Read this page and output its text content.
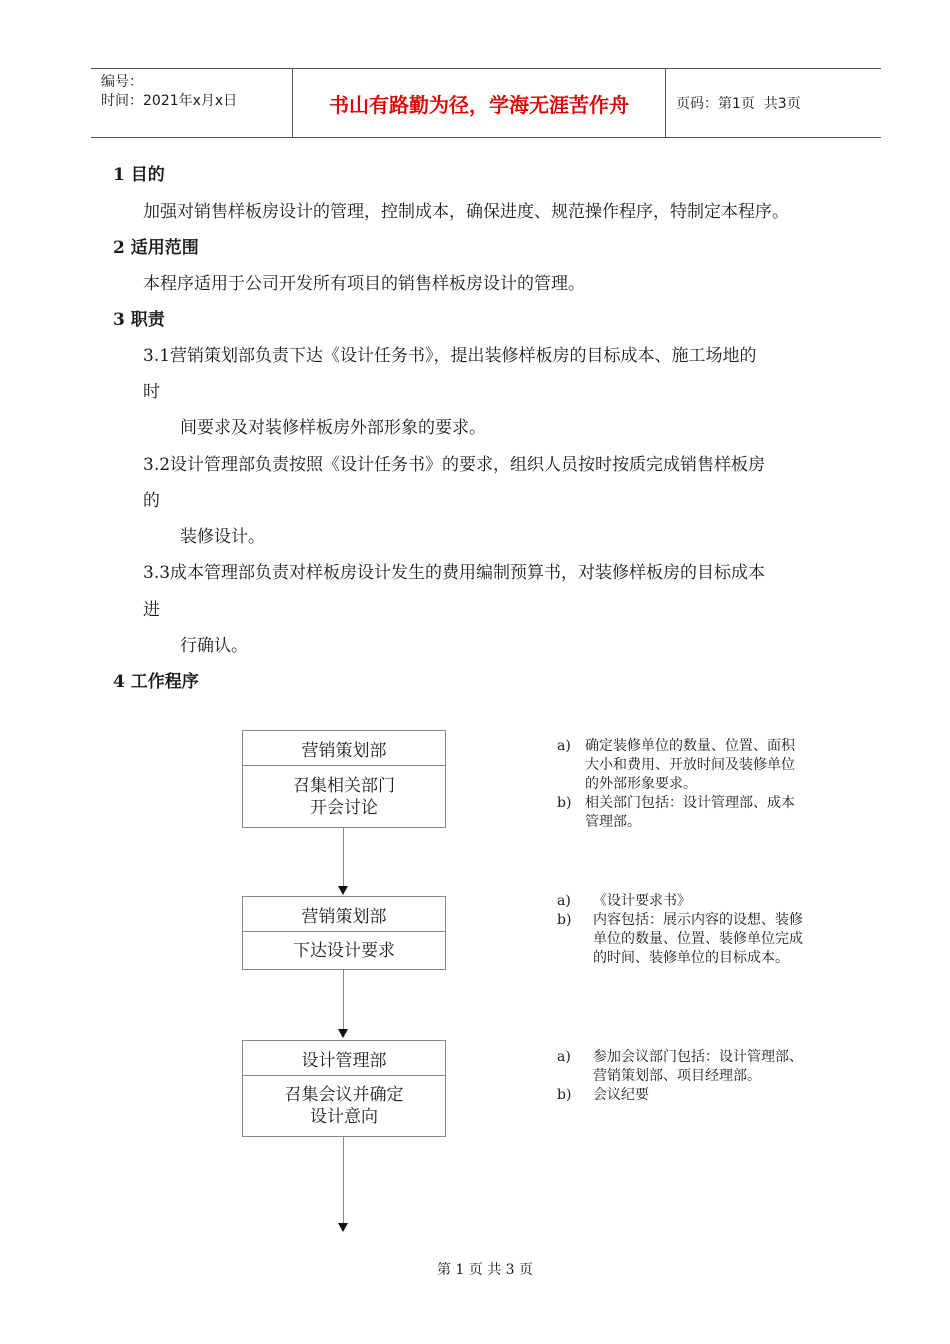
编号：
时间：2021年x月x日	书山有路勤为径，学海无涯苦作舟	页码：第1页  共3页
1 目的
加强对销售样板房设计的管理，控制成本，确保进度、规范操作程序，特制定本程序。
2 适用范围
本程序适用于公司开发所有项目的销售样板房设计的管理。
3 职责
3.1营销策划部负责下达《设计任务书》，提出装修样板房的目标成本、施工场地的
时
间要求及对装修样板房外部形象的要求。
3.2设计管理部负责按照《设计任务书》的要求，组织人员按时按质完成销售样板房
的
装修设计。
3.3成本管理部负责对样板房设计发生的费用编制预算书，对装修样板房的目标成本
进
行确认。
4 工作程序
营销策划部
召集相关部门
开会讨论
营销策划部
下达设计要求
设计管理部
召集会议并确定
设计意向
a) 确定装修单位的数量、位置、面积
大小和费用、开放时间及装修单位
的外部形象要求。
b) 相关部门包括：设计管理部、成本
管理部。
a) 《设计要求书》
b) 内容包括：展示内容的设想、装修
单位的数量、位置、装修单位完成
的时间、装修单位的目标成本。
a) 参加会议部门包括：设计管理部、
营销策划部、项目经理部。
b) 会议纪要
第 1 页 共 3 页
